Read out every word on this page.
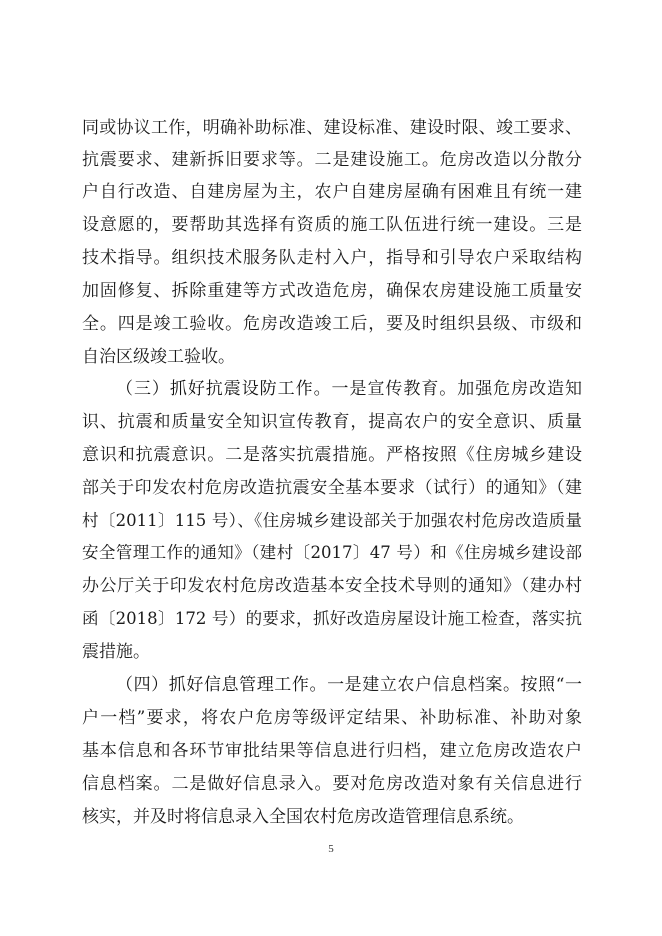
同或协议工作，明确补助标准、建设标准、建设时限、竣工要求、
抗震要求、建新拆旧要求等。二是建设施工。危房改造以分散分
户自行改造、自建房屋为主，农户自建房屋确有困难且有统一建
设意愿的，要帮助其选择有资质的施工队伍进行统一建设。三是
技术指导。组织技术服务队走村入户，指导和引导农户采取结构
加固修复、拆除重建等方式改造危房，确保农房建设施工质量安
全。四是竣工验收。危房改造竣工后，要及时组织县级、市级和
自治区级竣工验收。
（三）抓好抗震设防工作。一是宣传教育。加强危房改造知
识、抗震和质量安全知识宣传教育，提高农户的安全意识、质量
意识和抗震意识。二是落实抗震措施。严格按照《住房城乡建设
部关于印发农村危房改造抗震安全基本要求（试行）的通知》（建
村〔2011〕115 号）、《住房城乡建设部关于加强农村危房改造质量
安全管理工作的通知》（建村〔2017〕47 号）和《住房城乡建设部
办公厅关于印发农村危房改造基本安全技术导则的通知》（建办村
函〔2018〕172 号）的要求，抓好改造房屋设计施工检查，落实抗
震措施。
（四）抓好信息管理工作。一是建立农户信息档案。按照“一
户一档”要求，将农户危房等级评定结果、补助标准、补助对象
基本信息和各环节审批结果等信息进行归档，建立危房改造农户
信息档案。二是做好信息录入。要对危房改造对象有关信息进行
核实，并及时将信息录入全国农村危房改造管理信息系统。
5
